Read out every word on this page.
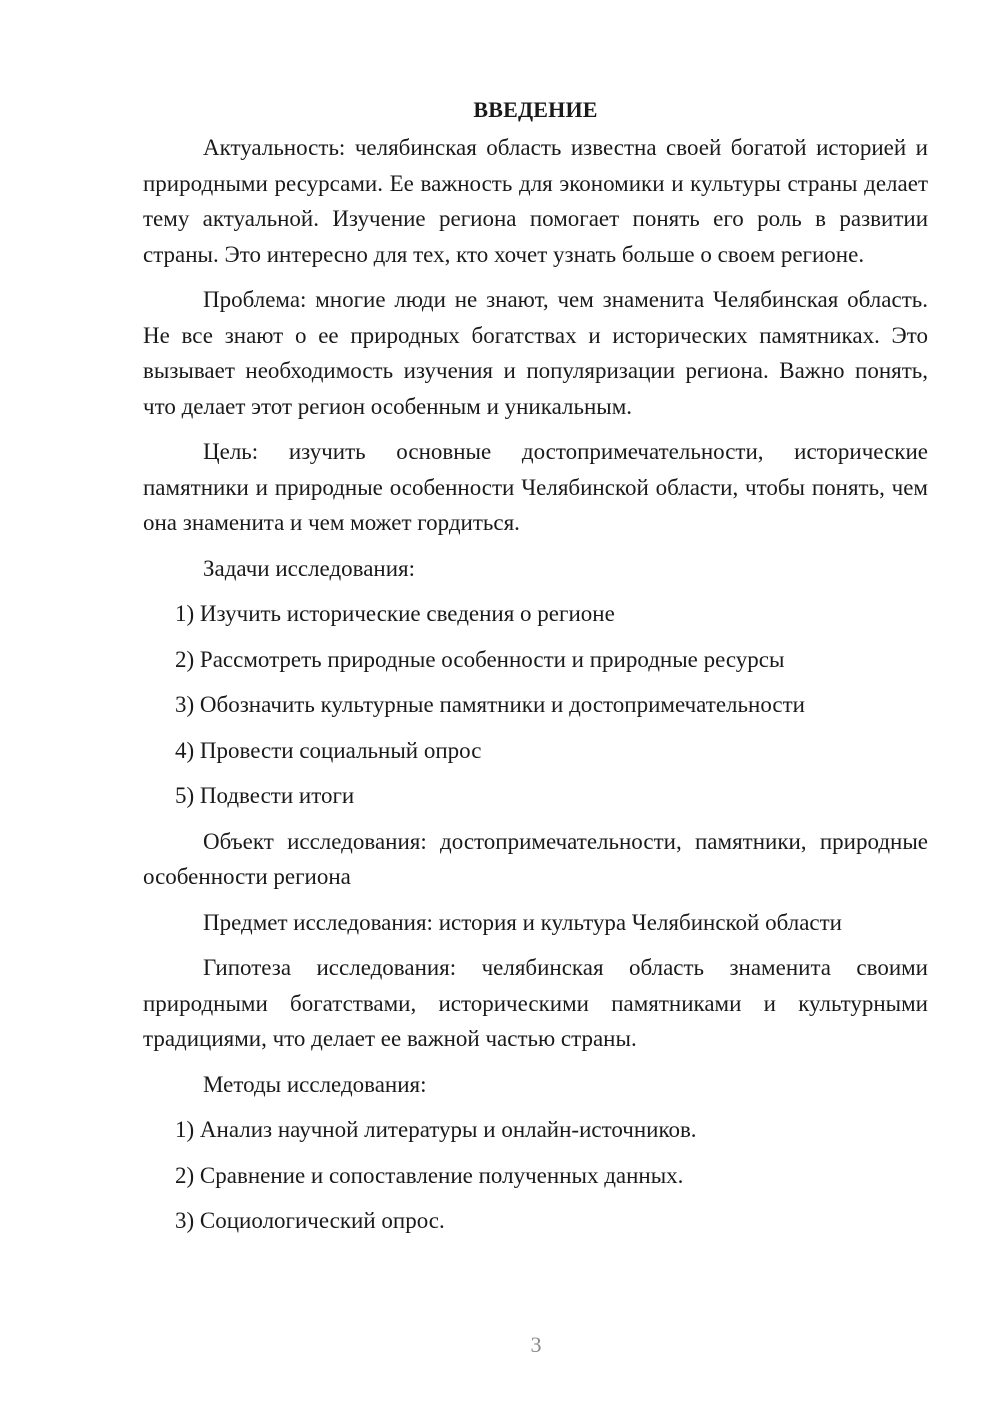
ВВЕДЕНИЕ

Актуальность: челябинская область известна своей богатой историей и природными ресурсами. Ее важность для экономики и культуры страны делает тему актуальной. Изучение региона помогает понять его роль в развитии страны. Это интересно для тех, кто хочет узнать больше о своем регионе.

Проблема: многие люди не знают, чем знаменита Челябинская область. Не все знают о ее природных богатствах и исторических памятниках. Это вызывает необходимость изучения и популяризации региона. Важно понять, что делает этот регион особенным и уникальным.

Цель: изучить основные достопримечательности, исторические памятники и природные особенности Челябинской области, чтобы понять, чем она знаменита и чем может гордиться.

Задачи исследования:

1) Изучить исторические сведения о регионе

2) Рассмотреть природные особенности и природные ресурсы

3) Обозначить культурные памятники и достопримечательности

4) Провести социальный опрос

5) Подвести итоги

Объект исследования: достопримечательности, памятники, природные особенности региона

Предмет исследования: история и культура Челябинской области

Гипотеза исследования: челябинская область знаменита своими природными богатствами, историческими памятниками и культурными традициями, что делает ее важной частью страны.

Методы исследования:

1) Анализ научной литературы и онлайн-источников.

2) Сравнение и сопоставление полученных данных.

3) Социологический опрос.

3
